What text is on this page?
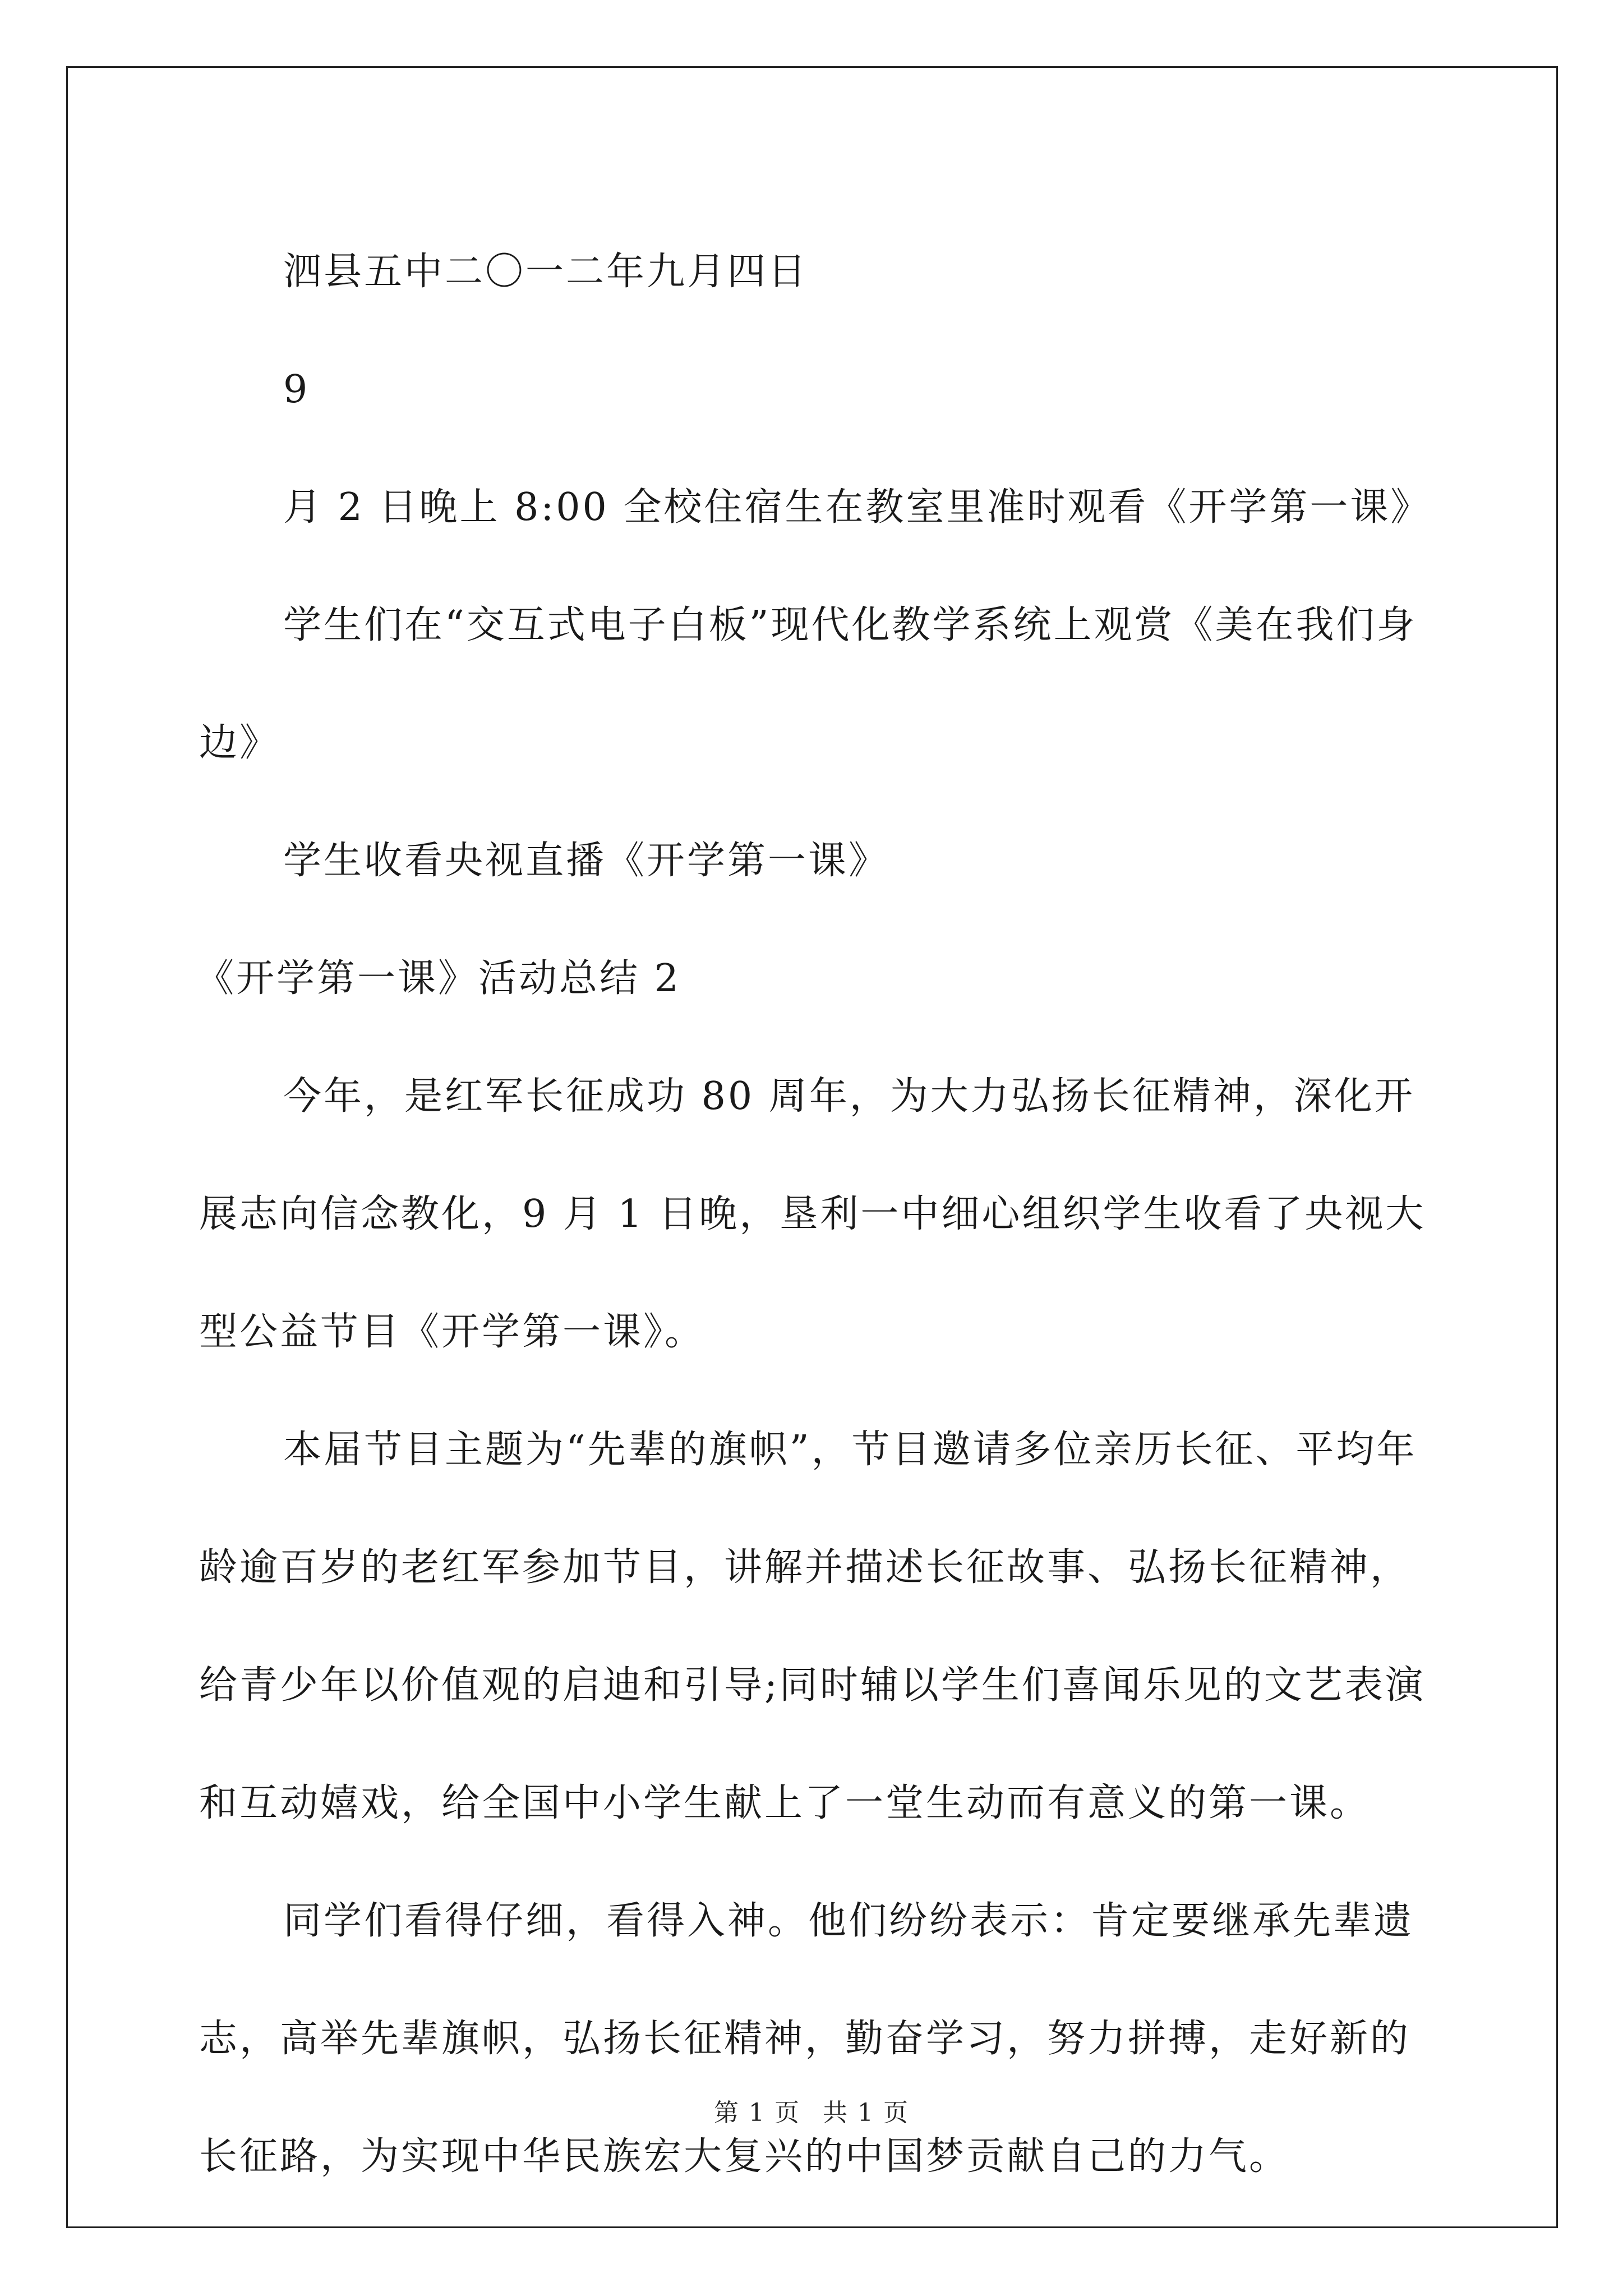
泗县五中二〇一二年九月四日

9

月 2 日晚上 8:00 全校住宿生在教室里准时观看《开学第一课》

学生们在“交互式电子白板”现代化教学系统上观赏《美在我们身边》

学生收看央视直播《开学第一课》

《开学第一课》活动总结 2

今年，是红军长征成功 80 周年，为大力弘扬长征精神，深化开展志向信念教化，9 月 1 日晚，垦利一中细心组织学生收看了央视大型公益节目《开学第一课》。

本届节目主题为“先辈的旗帜”，节目邀请多位亲历长征、平均年龄逾百岁的老红军参加节目，讲解并描述长征故事、弘扬长征精神，给青少年以价值观的启迪和引导;同时辅以学生们喜闻乐见的文艺表演和互动嬉戏，给全国中小学生献上了一堂生动而有意义的第一课。

同学们看得仔细，看得入神。他们纷纷表示：肯定要继承先辈遗志，高举先辈旗帜，弘扬长征精神，勤奋学习，努力拼搏，走好新的长征路，为实现中华民族宏大复兴的中国梦贡献自己的力气。

第 1 页 共 1 页
